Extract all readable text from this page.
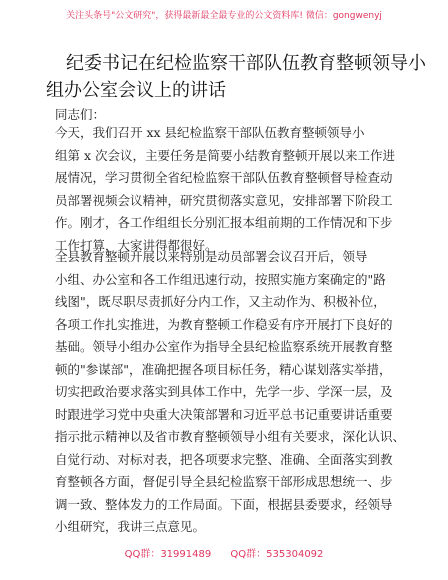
关注头条号"公文研究"，获得最新最全最专业的公文资料库! 微信：gongwenyj
纪委书记在纪检监察干部队伍教育整顿领导小
组办公室会议上的讲话
同志们：
今天，我们召开 xx 县纪检监察干部队伍教育整顿领导小
组第 x 次会议，主要任务是简要小结教育整顿开展以来工作进
展情况，学习贯彻全省纪检监察干部队伍教育整顿督导检查动
员部署视频会议精神，研究贯彻落实意见，安排部署下阶段工
作。刚才，各工作组组长分别汇报本组前期的工作情况和下步
工作打算，大家讲得都很好。
全县教育整顿开展以来特别是动员部署会议召开后，领导
小组、办公室和各工作组迅速行动，按照实施方案确定的"路
线图"，既尽职尽责抓好分内工作，又主动作为、积极补位，
各项工作扎实推进，为教育整顿工作稳妥有序开展打下良好的
基础。领导小组办公室作为指导全县纪检监察系统开展教育整
顿的"参谋部"，准确把握各项目标任务，精心谋划落实举措，
切实把政治要求落实到具体工作中，先学一步、学深一层，及
时跟进学习党中央重大决策部署和习近平总书记重要讲话重要
指示批示精神以及省市教育整顿领导小组有关要求，深化认识、
自觉行动、对标对表，把各项要求完整、准确、全面落实到教
育整顿各方面，督促引导全县纪检监察干部形成思想统一、步
调一致、整体发力的工作局面。下面，根据县委要求，经领导
小组研究，我讲三点意见。
QQ群：31991489 QQ群：535304092
